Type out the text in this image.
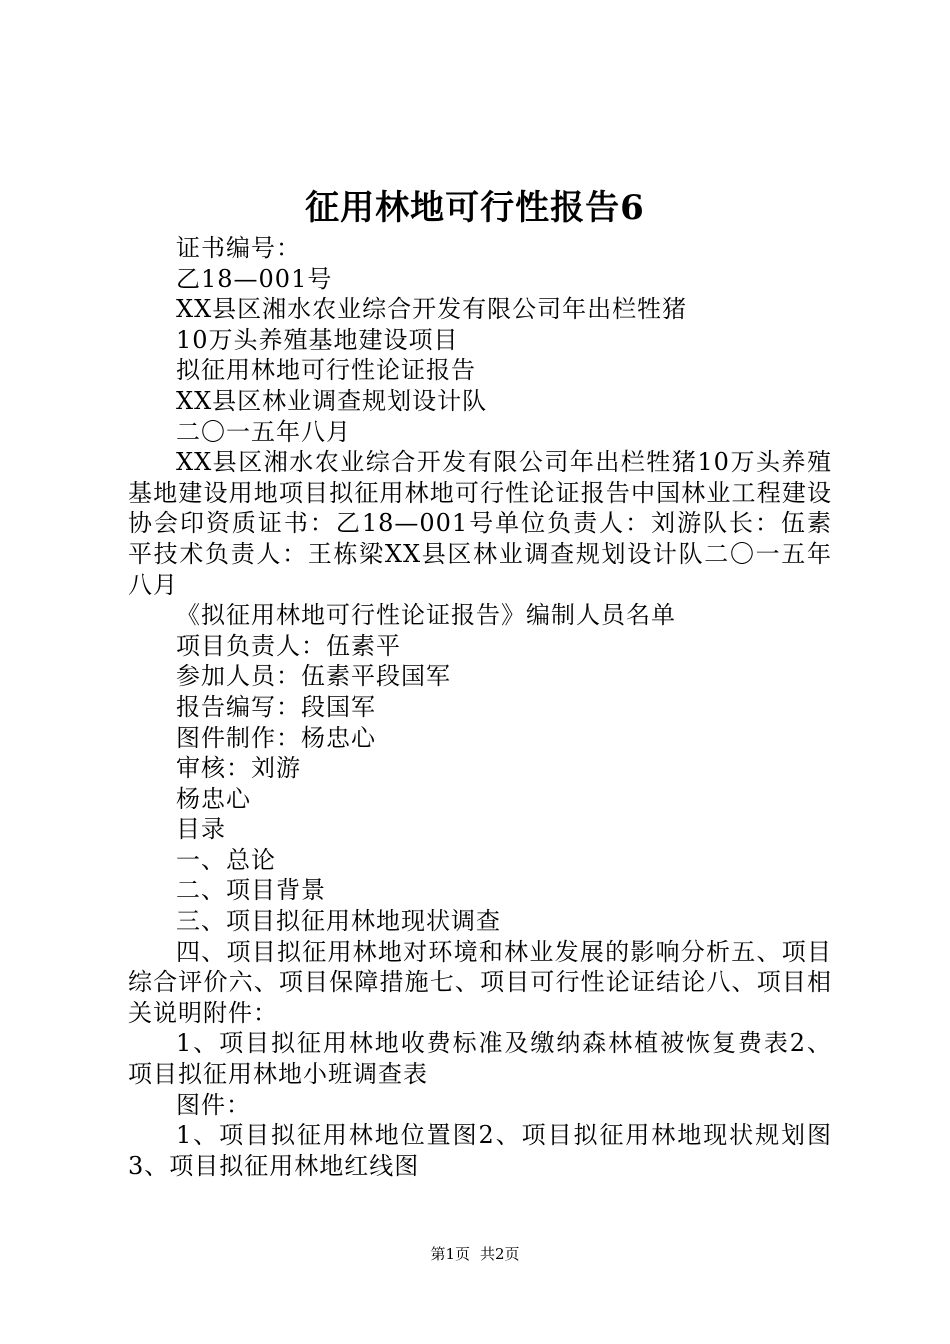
征用林地可行性报告6

证书编号：

乙18—001号

XX县区湘水农业综合开发有限公司年出栏牲猪

10万头养殖基地建设项目

拟征用林地可行性论证报告

XX县区林业调查规划设计队

二〇一五年八月

XX县区湘水农业综合开发有限公司年出栏牲猪10万头养殖基地建设用地项目拟征用林地可行性论证报告中国林业工程建设协会印资质证书：乙18—001号单位负责人：刘游队长：伍素平技术负责人：王栋梁XX县区林业调查规划设计队二〇一五年八月

《拟征用林地可行性论证报告》编制人员名单

项目负责人：伍素平

参加人员：伍素平段国军

报告编写：段国军

图件制作：杨忠心

审核：刘游

杨忠心

目录

一、总论

二、项目背景

三、项目拟征用林地现状调查

四、项目拟征用林地对环境和林业发展的影响分析五、项目综合评价六、项目保障措施七、项目可行性论证结论八、项目相关说明附件：

1、项目拟征用林地收费标准及缴纳森林植被恢复费表2、项目拟征用林地小班调查表

图件：

1、项目拟征用林地位置图2、项目拟征用林地现状规划图3、项目拟征用林地红线图

第1页 共2页
